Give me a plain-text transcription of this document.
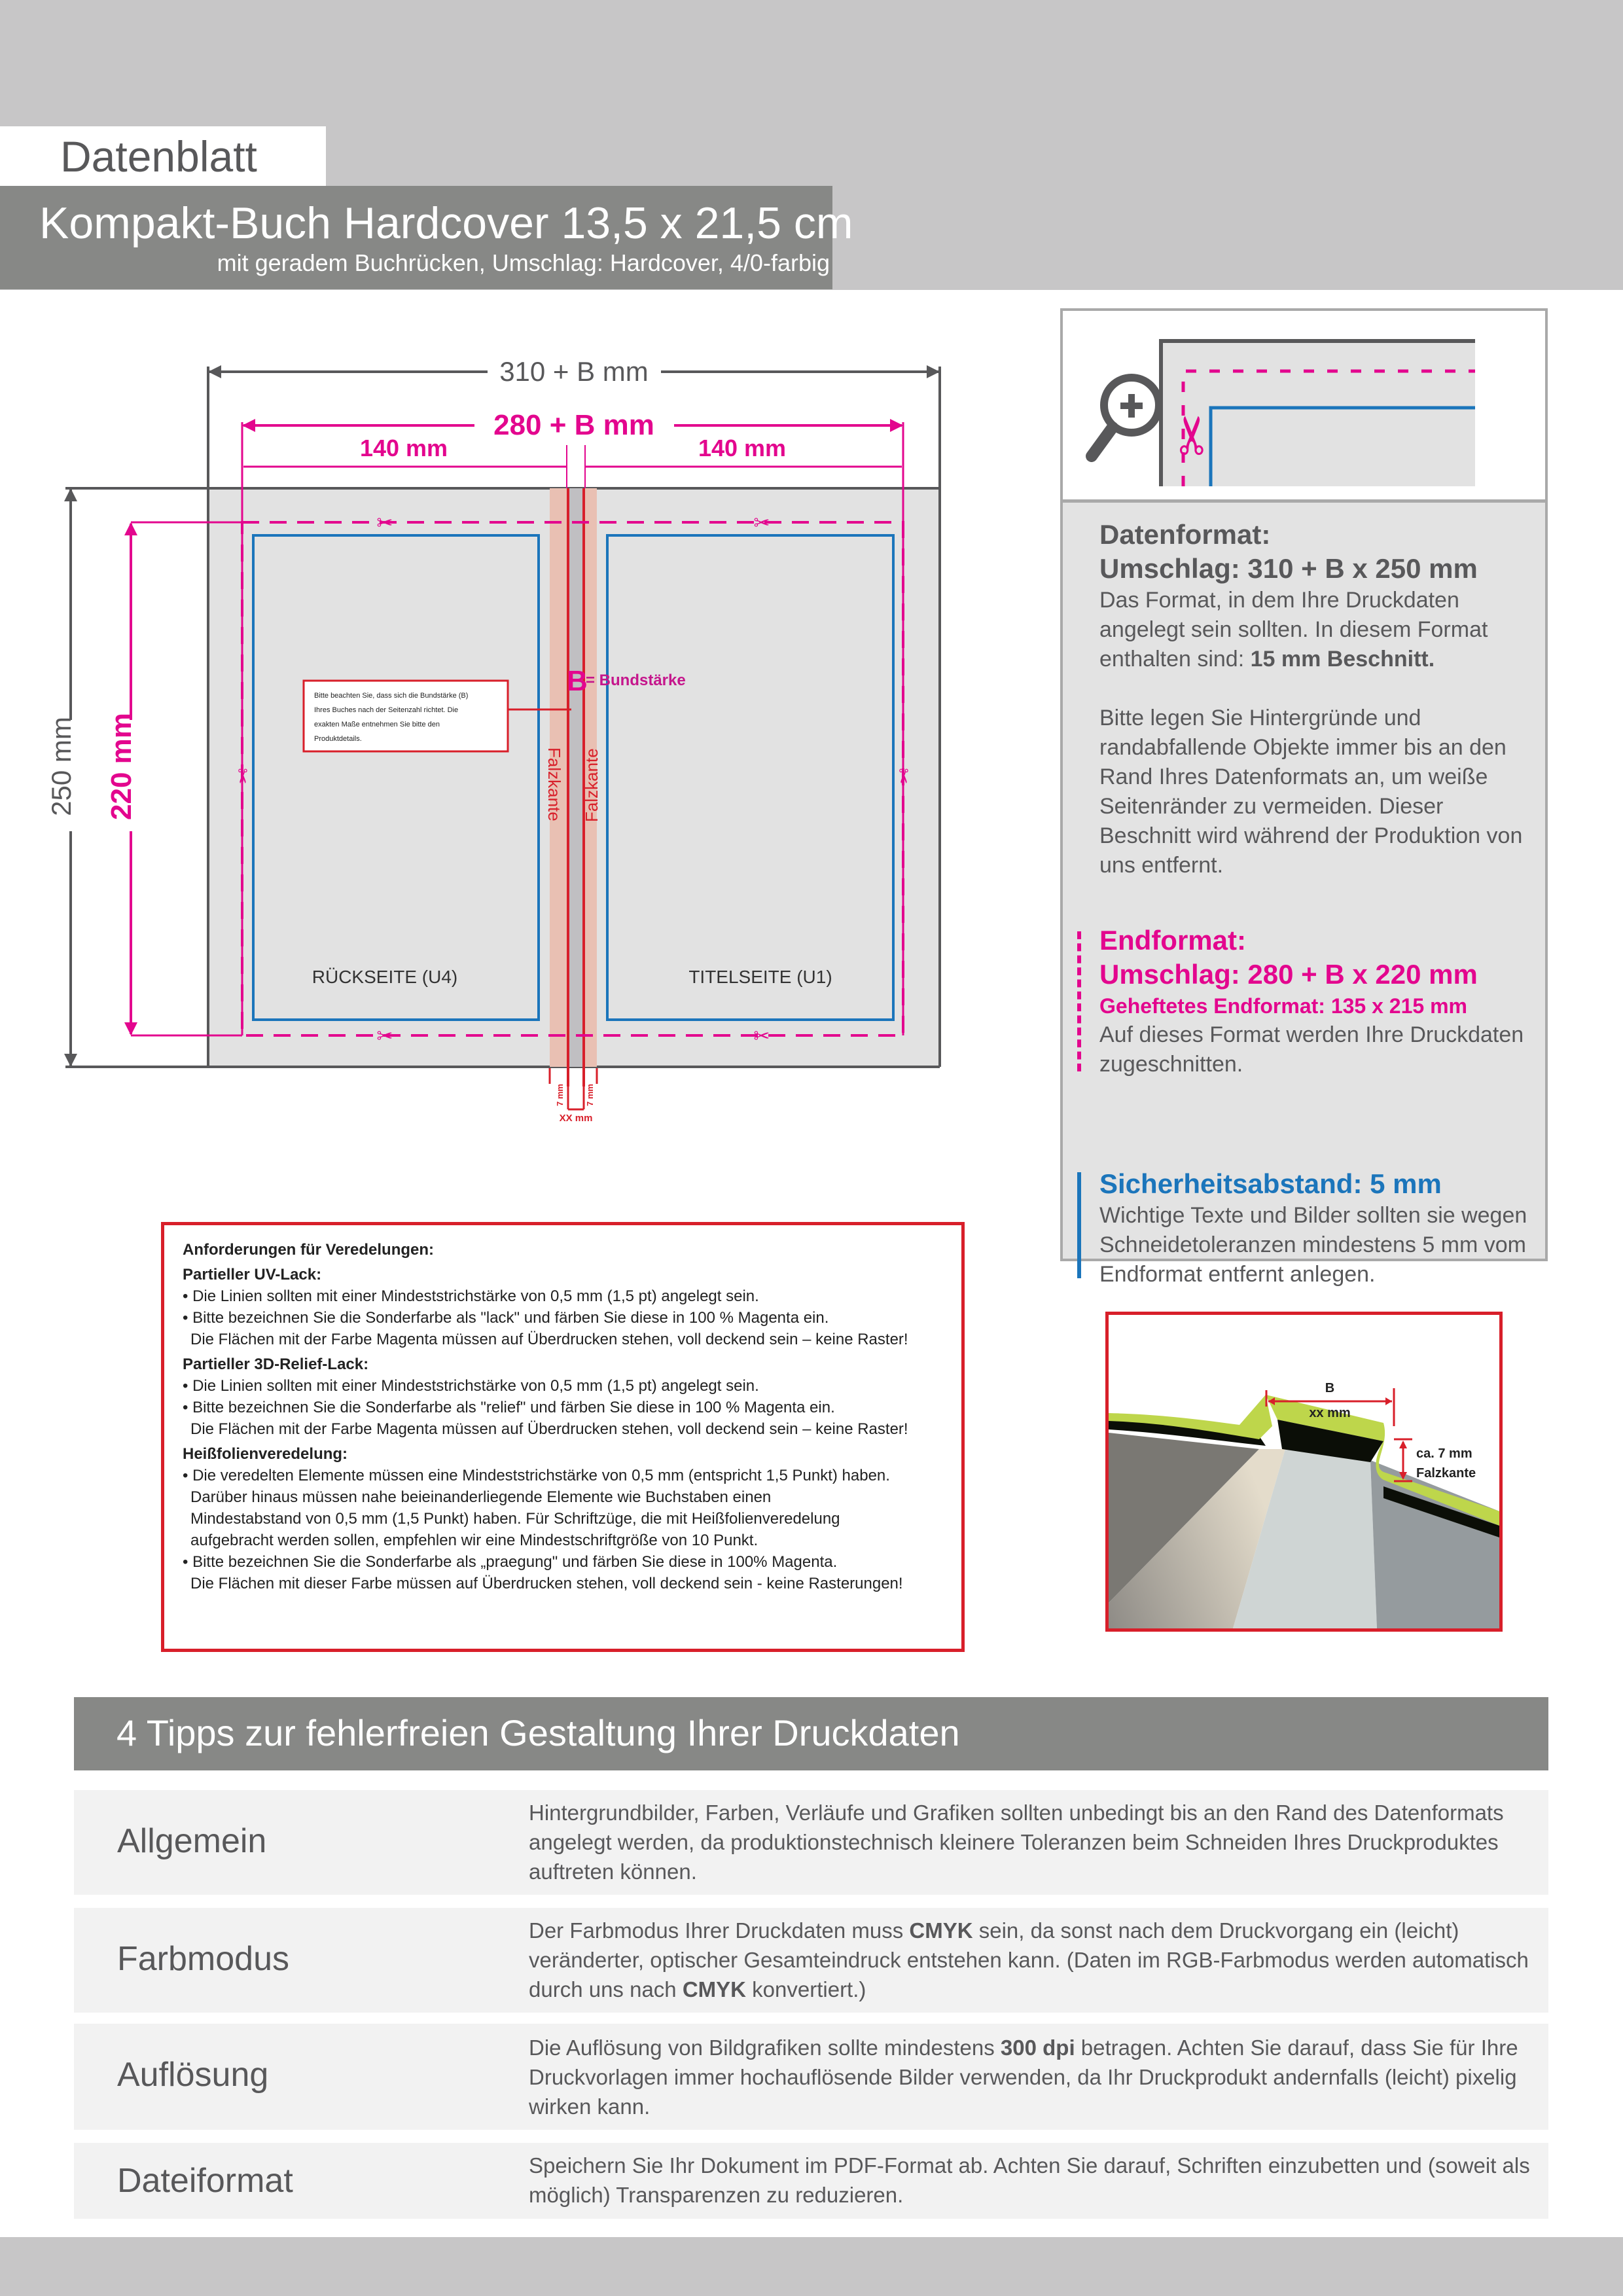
Datenblatt
Kompakt-Buch Hardcover 13,5 x 21,5 cm
mit geradem Buchrücken, Umschlag: Hardcover, 4/0-farbig
310 + B mm
280 + B mm
140 mm	140 mm
✂	✂
✂	✂
✂	✂
RÜCKSEITE (U4)	TITELSEITE (U1)
250 mm 220 mm
Bitte beachten Sie, dass sich die Bundstärke (B)
Ihres Buches nach der Seitenzahl richtet. Die
exakten Maße entnehmen Sie bitte den
Produktdetails.
B
= Bundstärke
Falzkante Falzkante
7 mm 7 mm
XX mm
✂
Datenformat:
Umschlag: 310 + B x 250 mm
Das Format, in dem Ihre Druckdaten angelegt sein sollten. In diesem Format enthalten sind: 15 mm Beschnitt.
Bitte legen Sie Hintergründe und randabfallende Objekte immer bis an den Rand Ihres Datenformats an, um weiße Seitenränder zu vermeiden. Dieser Beschnitt wird während der Produktion von uns entfernt.
Endformat:
Umschlag: 280 + B x 220 mm
Geheftetes Endformat: 135 x 215 mm
Auf dieses Format werden Ihre Druckdaten zugeschnitten.
Sicherheitsabstand: 5 mm
Wichtige Texte und Bilder sollten sie wegen Schneidetoleranzen mindestens 5 mm vom Endformat entfernt anlegen.
Anforderungen für Veredelungen:
Partieller UV-Lack:
• Die Linien sollten mit einer Mindeststrichstärke von 0,5 mm (1,5 pt) angelegt sein.
• Bitte bezeichnen Sie die Sonderfarbe als "lack" und färben Sie diese in 100 % Magenta ein.
Die Flächen mit der Farbe Magenta müssen auf Überdrucken stehen, voll deckend sein – keine Raster!
Partieller 3D-Relief-Lack:
• Die Linien sollten mit einer Mindeststrichstärke von 0,5 mm (1,5 pt) angelegt sein.
• Bitte bezeichnen Sie die Sonderfarbe als "relief" und färben Sie diese in 100 % Magenta ein.
Die Flächen mit der Farbe Magenta müssen auf Überdrucken stehen, voll deckend sein – keine Raster!
Heißfolienveredelung:
• Die veredelten Elemente müssen eine Mindeststrichstärke von 0,5 mm (entspricht 1,5 Punkt) haben.
Darüber hinaus müssen nahe beieinanderliegende Elemente wie Buchstaben einen
Mindestabstand von 0,5 mm (1,5 Punkt) haben. Für Schriftzüge, die mit Heißfolienveredelung
aufgebracht werden sollen, empfehlen wir eine Mindestschriftgröße von 10 Punkt.
• Bitte bezeichnen Sie die Sonderfarbe als „praegung" und färben Sie diese in 100% Magenta.
Die Flächen mit dieser Farbe müssen auf Überdrucken stehen, voll deckend sein - keine Rasterungen!
B
xx mm
ca. 7 mm
Falzkante
4 Tipps zur fehlerfreien Gestaltung Ihrer Druckdaten
Allgemein
Hintergrundbilder, Farben, Verläufe und Grafiken sollten unbedingt bis an den Rand des Datenformats angelegt werden, da produktionstechnisch kleinere Toleranzen beim Schneiden Ihres Druckproduktes auftreten können.
Farbmodus
Der Farbmodus Ihrer Druckdaten muss CMYK sein, da sonst nach dem Druckvorgang ein (leicht) veränderter, optischer Gesamteindruck entstehen kann. (Daten im RGB-Farbmodus werden automatisch durch uns nach CMYK konvertiert.)
Auflösung
Die Auflösung von Bildgrafiken sollte mindestens 300 dpi betragen. Achten Sie darauf, dass Sie für Ihre Druckvorlagen immer hochauflösende Bilder verwenden, da Ihr Druckprodukt andernfalls (leicht) pixelig wirken kann.
Dateiformat	Speichern Sie Ihr Dokument im PDF-Format ab. Achten Sie darauf, Schriften einzubetten und (soweit als möglich) Transparenzen zu reduzieren.
